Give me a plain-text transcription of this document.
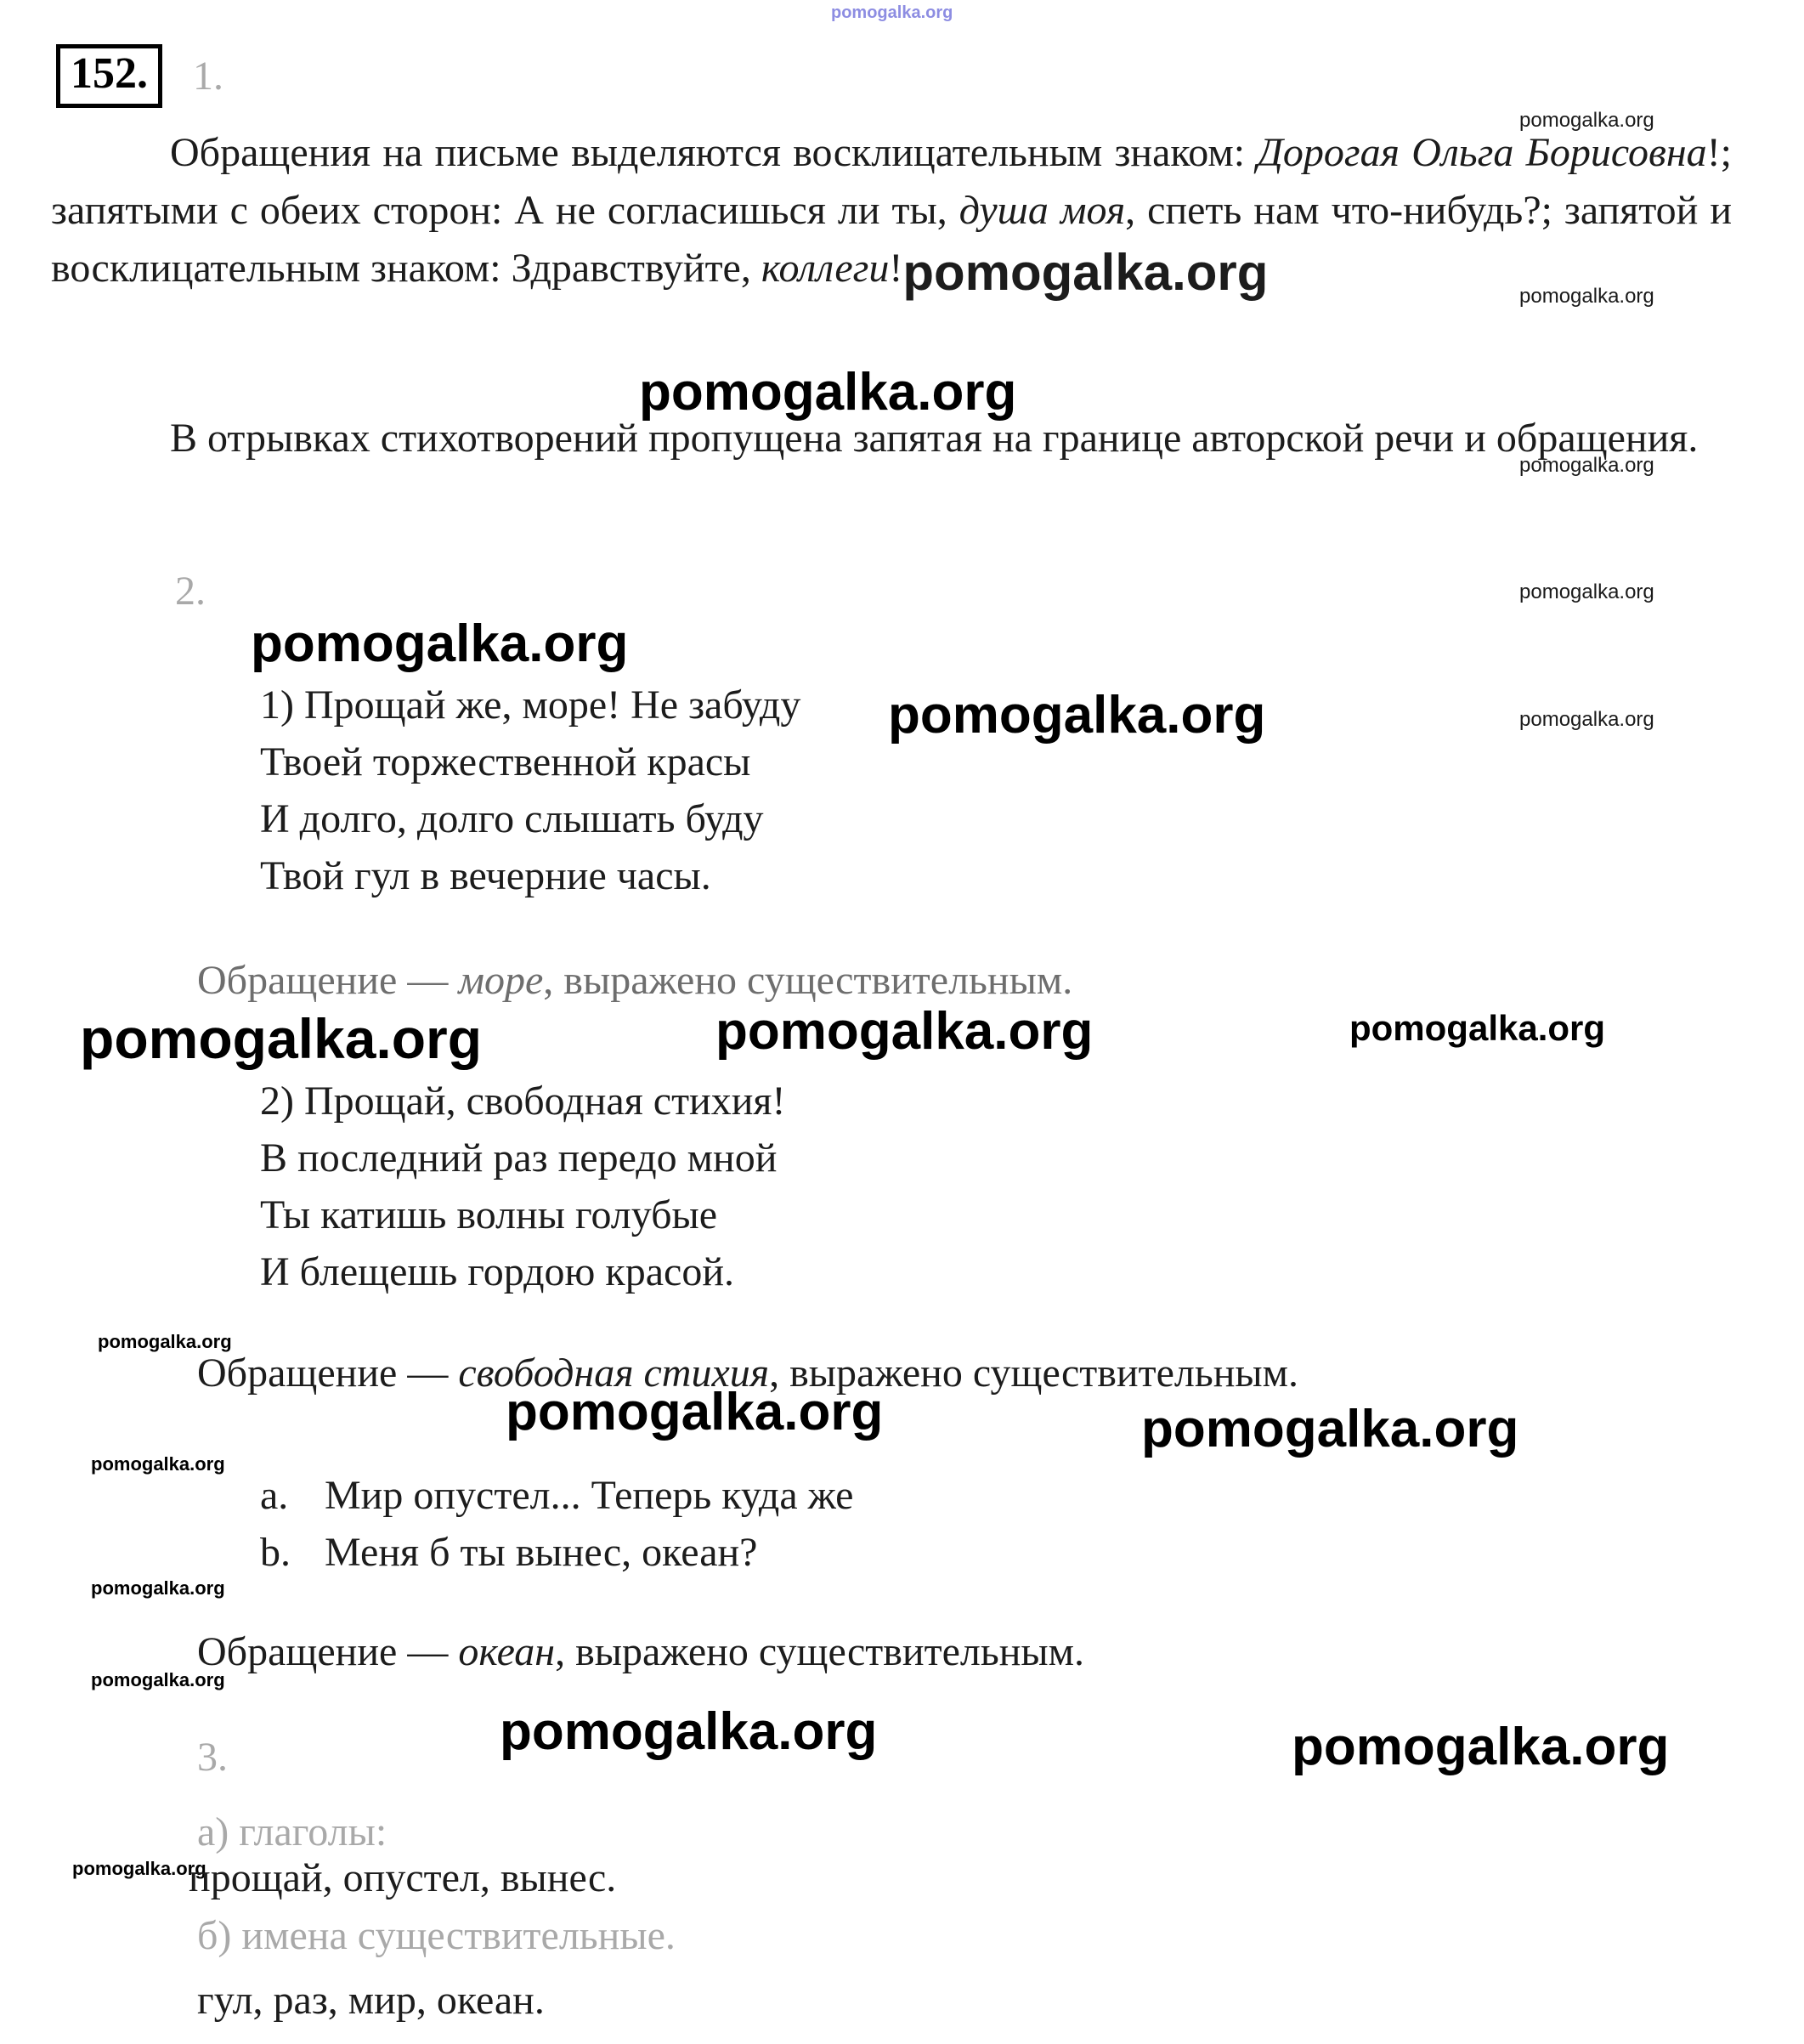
pomogalka.org
152.	1.
pomogalka.org
pomogalka.org
pomogalka.org
pomogalka.org
pomogalka.org

Обращения на письме выделяются восклицательным знаком: Дорогая Ольга Борисовна!; запятыми с обеих сторон: А не согласишься ли ты, душа моя, спеть нам что-нибудь?; запятой и восклицательным знаком: Здравствуйте, коллеги!pomogalka.org

pomogalka.org

В отрывках стихотворений пропущена запятая на границе авторской речи и обращения.

2.
pomogalka.org
1) Прощай же, море! Не забуду
Твоей торжественной красы
И долго, долго слышать буду
Твой гул в вечерние часы.
pomogalka.org
Обращение — море, выражено существительным.
pomogalka.org	pomogalka.org	pomogalka.org
2) Прощай, свободная стихия!
В последний раз передо мной
Ты катишь волны голубые
И блещешь гордою красой.
pomogalka.org
Обращение — свободная стихия, выражено существительным.
pomogalka.org	pomogalka.org
pomogalka.org
a. Мир опустел... Теперь куда же
b. Меня б ты вынес, океан?
pomogalka.org
Обращение — океан, выражено существительным.
pomogalka.org
pomogalka.org	pomogalka.org
3.
а) глаголы:
pomogalka.org
прощай, опустел, вынес.
б) имена существительные.
гул, раз, мир, океан.
